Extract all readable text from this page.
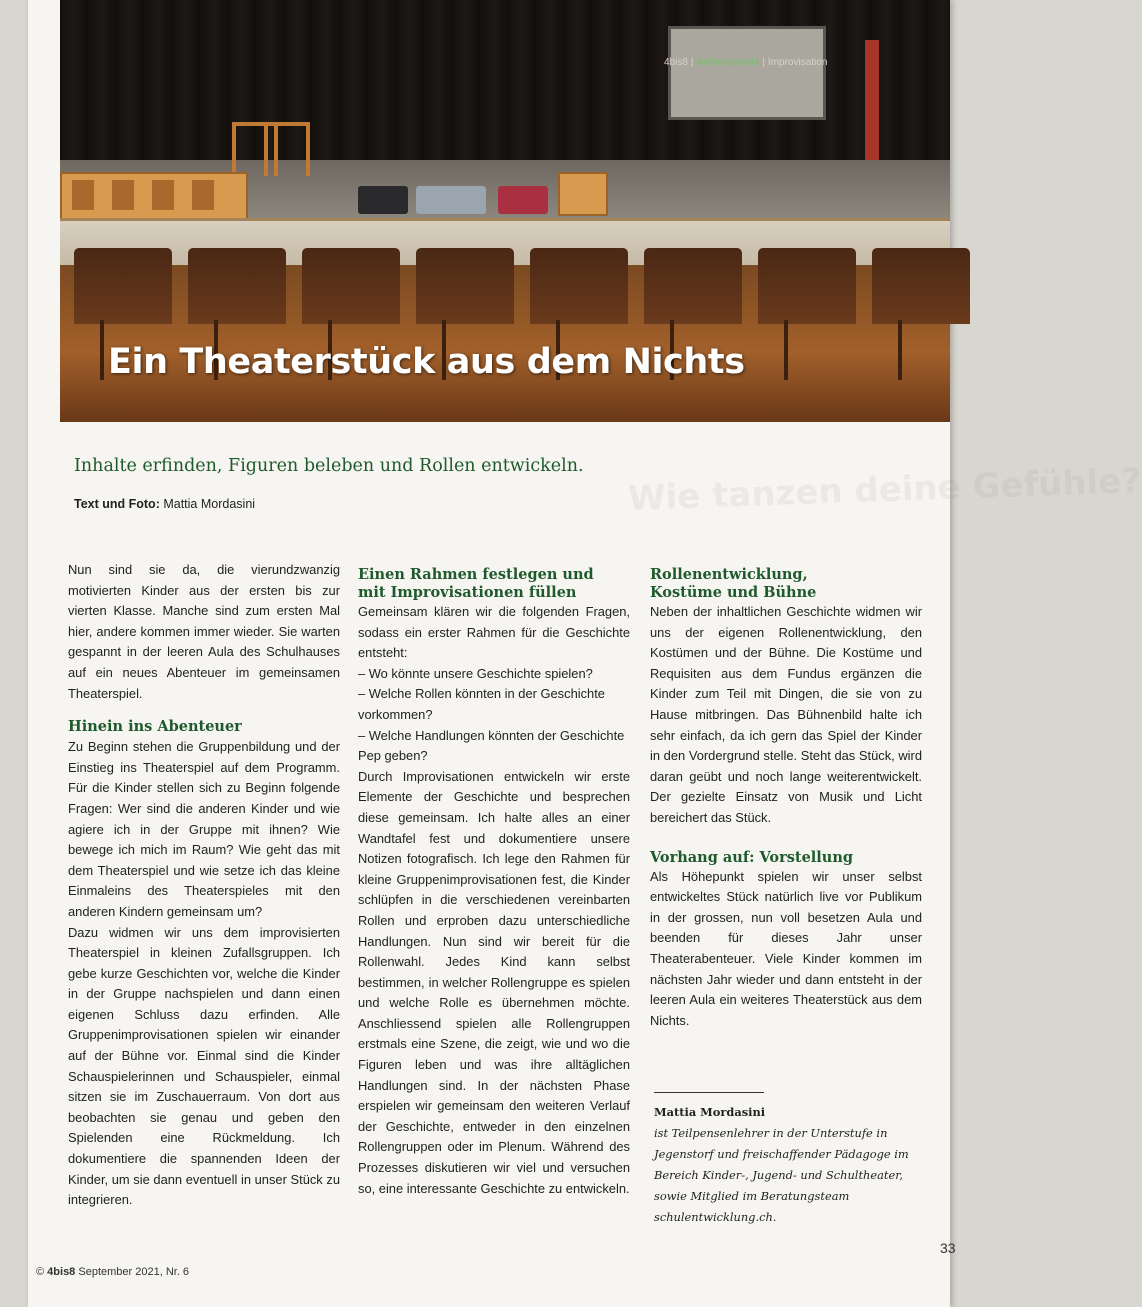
4bis8 | Schwerpunkt | Improvisation
Ein Theaterstück aus dem Nichts
Wie tanzen deine Gefühle?
Inhalte erfinden, Figuren beleben und Rollen entwickeln.
Text und Foto: Mattia Mordasini

Nun sind sie da, die vierundzwanzig motivierten Kinder aus der ersten bis zur vierten Klasse. Manche sind zum ersten Mal hier, andere kommen immer wieder. Sie warten gespannt in der leeren Aula des Schulhauses auf ein neues Abenteuer im gemeinsamen Theaterspiel.

Hinein ins Abenteuer

Zu Beginn stehen die Gruppenbildung und der Einstieg ins Theaterspiel auf dem Programm. Für die Kinder stellen sich zu Beginn folgende Fragen: Wer sind die anderen Kinder und wie agiere ich in der Gruppe mit ihnen? Wie bewege ich mich im Raum? Wie geht das mit dem Theaterspiel und wie setze ich das kleine Einmaleins des Theaterspieles mit den anderen Kindern gemeinsam um?

Dazu widmen wir uns dem improvisierten Theaterspiel in kleinen Zufallsgruppen. Ich gebe kurze Geschichten vor, welche die Kinder in der Gruppe nachspielen und dann einen eigenen Schluss dazu erfinden. Alle Gruppenimprovisationen spielen wir einander auf der Bühne vor. Einmal sind die Kinder Schauspielerinnen und Schauspieler, einmal sitzen sie im Zuschauerraum. Von dort aus beobachten sie genau und geben den Spielenden eine Rückmeldung. Ich dokumentiere die spannenden Ideen der Kinder, um sie dann eventuell in unser Stück zu integrieren.

Einen Rahmen festlegen und
mit Improvisationen füllen

Gemeinsam klären wir die folgenden Fragen, sodass ein erster Rahmen für die Geschichte entsteht:

– Wo könnte unsere Geschichte spielen?

– Welche Rollen könnten in der Geschichte vorkommen?

– Welche Handlungen könnten der Geschichte Pep geben?

Durch Improvisationen entwickeln wir erste Elemente der Geschichte und besprechen diese gemeinsam. Ich halte alles an einer Wandtafel fest und dokumentiere unsere Notizen fotografisch. Ich lege den Rahmen für kleine Gruppenimprovisationen fest, die Kinder schlüpfen in die verschiedenen vereinbarten Rollen und erproben dazu unterschiedliche Handlungen. Nun sind wir bereit für die Rollenwahl. Jedes Kind kann selbst bestimmen, in welcher Rollengruppe es spielen und welche Rolle es übernehmen möchte. Anschliessend spielen alle Rollengruppen erstmals eine Szene, die zeigt, wie und wo die Figuren leben und was ihre alltäglichen Handlungen sind. In der nächsten Phase erspielen wir gemeinsam den weiteren Verlauf der Geschichte, entweder in den einzelnen Rollengruppen oder im Plenum. Während des Prozesses diskutieren wir viel und versuchen so, eine interessante Geschichte zu entwickeln.

Rollenentwicklung,
Kostüme und Bühne

Neben der inhaltlichen Geschichte widmen wir uns der eigenen Rollenentwicklung, den Kostümen und der Bühne. Die Kostüme und Requisiten aus dem Fundus ergänzen die Kinder zum Teil mit Dingen, die sie von zu Hause mitbringen. Das Bühnenbild halte ich sehr einfach, da ich gern das Spiel der Kinder in den Vordergrund stelle. Steht das Stück, wird daran geübt und noch lange weiterentwickelt. Der gezielte Einsatz von Musik und Licht bereichert das Stück.

Vorhang auf: Vorstellung

Als Höhepunkt spielen wir unser selbst entwickeltes Stück natürlich live vor Publikum in der grossen, nun voll besetzen Aula und beenden für dieses Jahr unser Theaterabenteuer. Viele Kinder kommen im nächsten Jahr wieder und dann entsteht in der leeren Aula ein weiteres Theaterstück aus dem Nichts.

Mattia Mordasini
ist Teilpensenlehrer in der Unterstufe in Jegenstorf und freischaffender Pädagoge im Bereich Kinder-, Jugend- und Schultheater, sowie Mitglied im Beratungsteam schulentwicklung.ch.
© 4bis8 September 2021, Nr. 6
33
